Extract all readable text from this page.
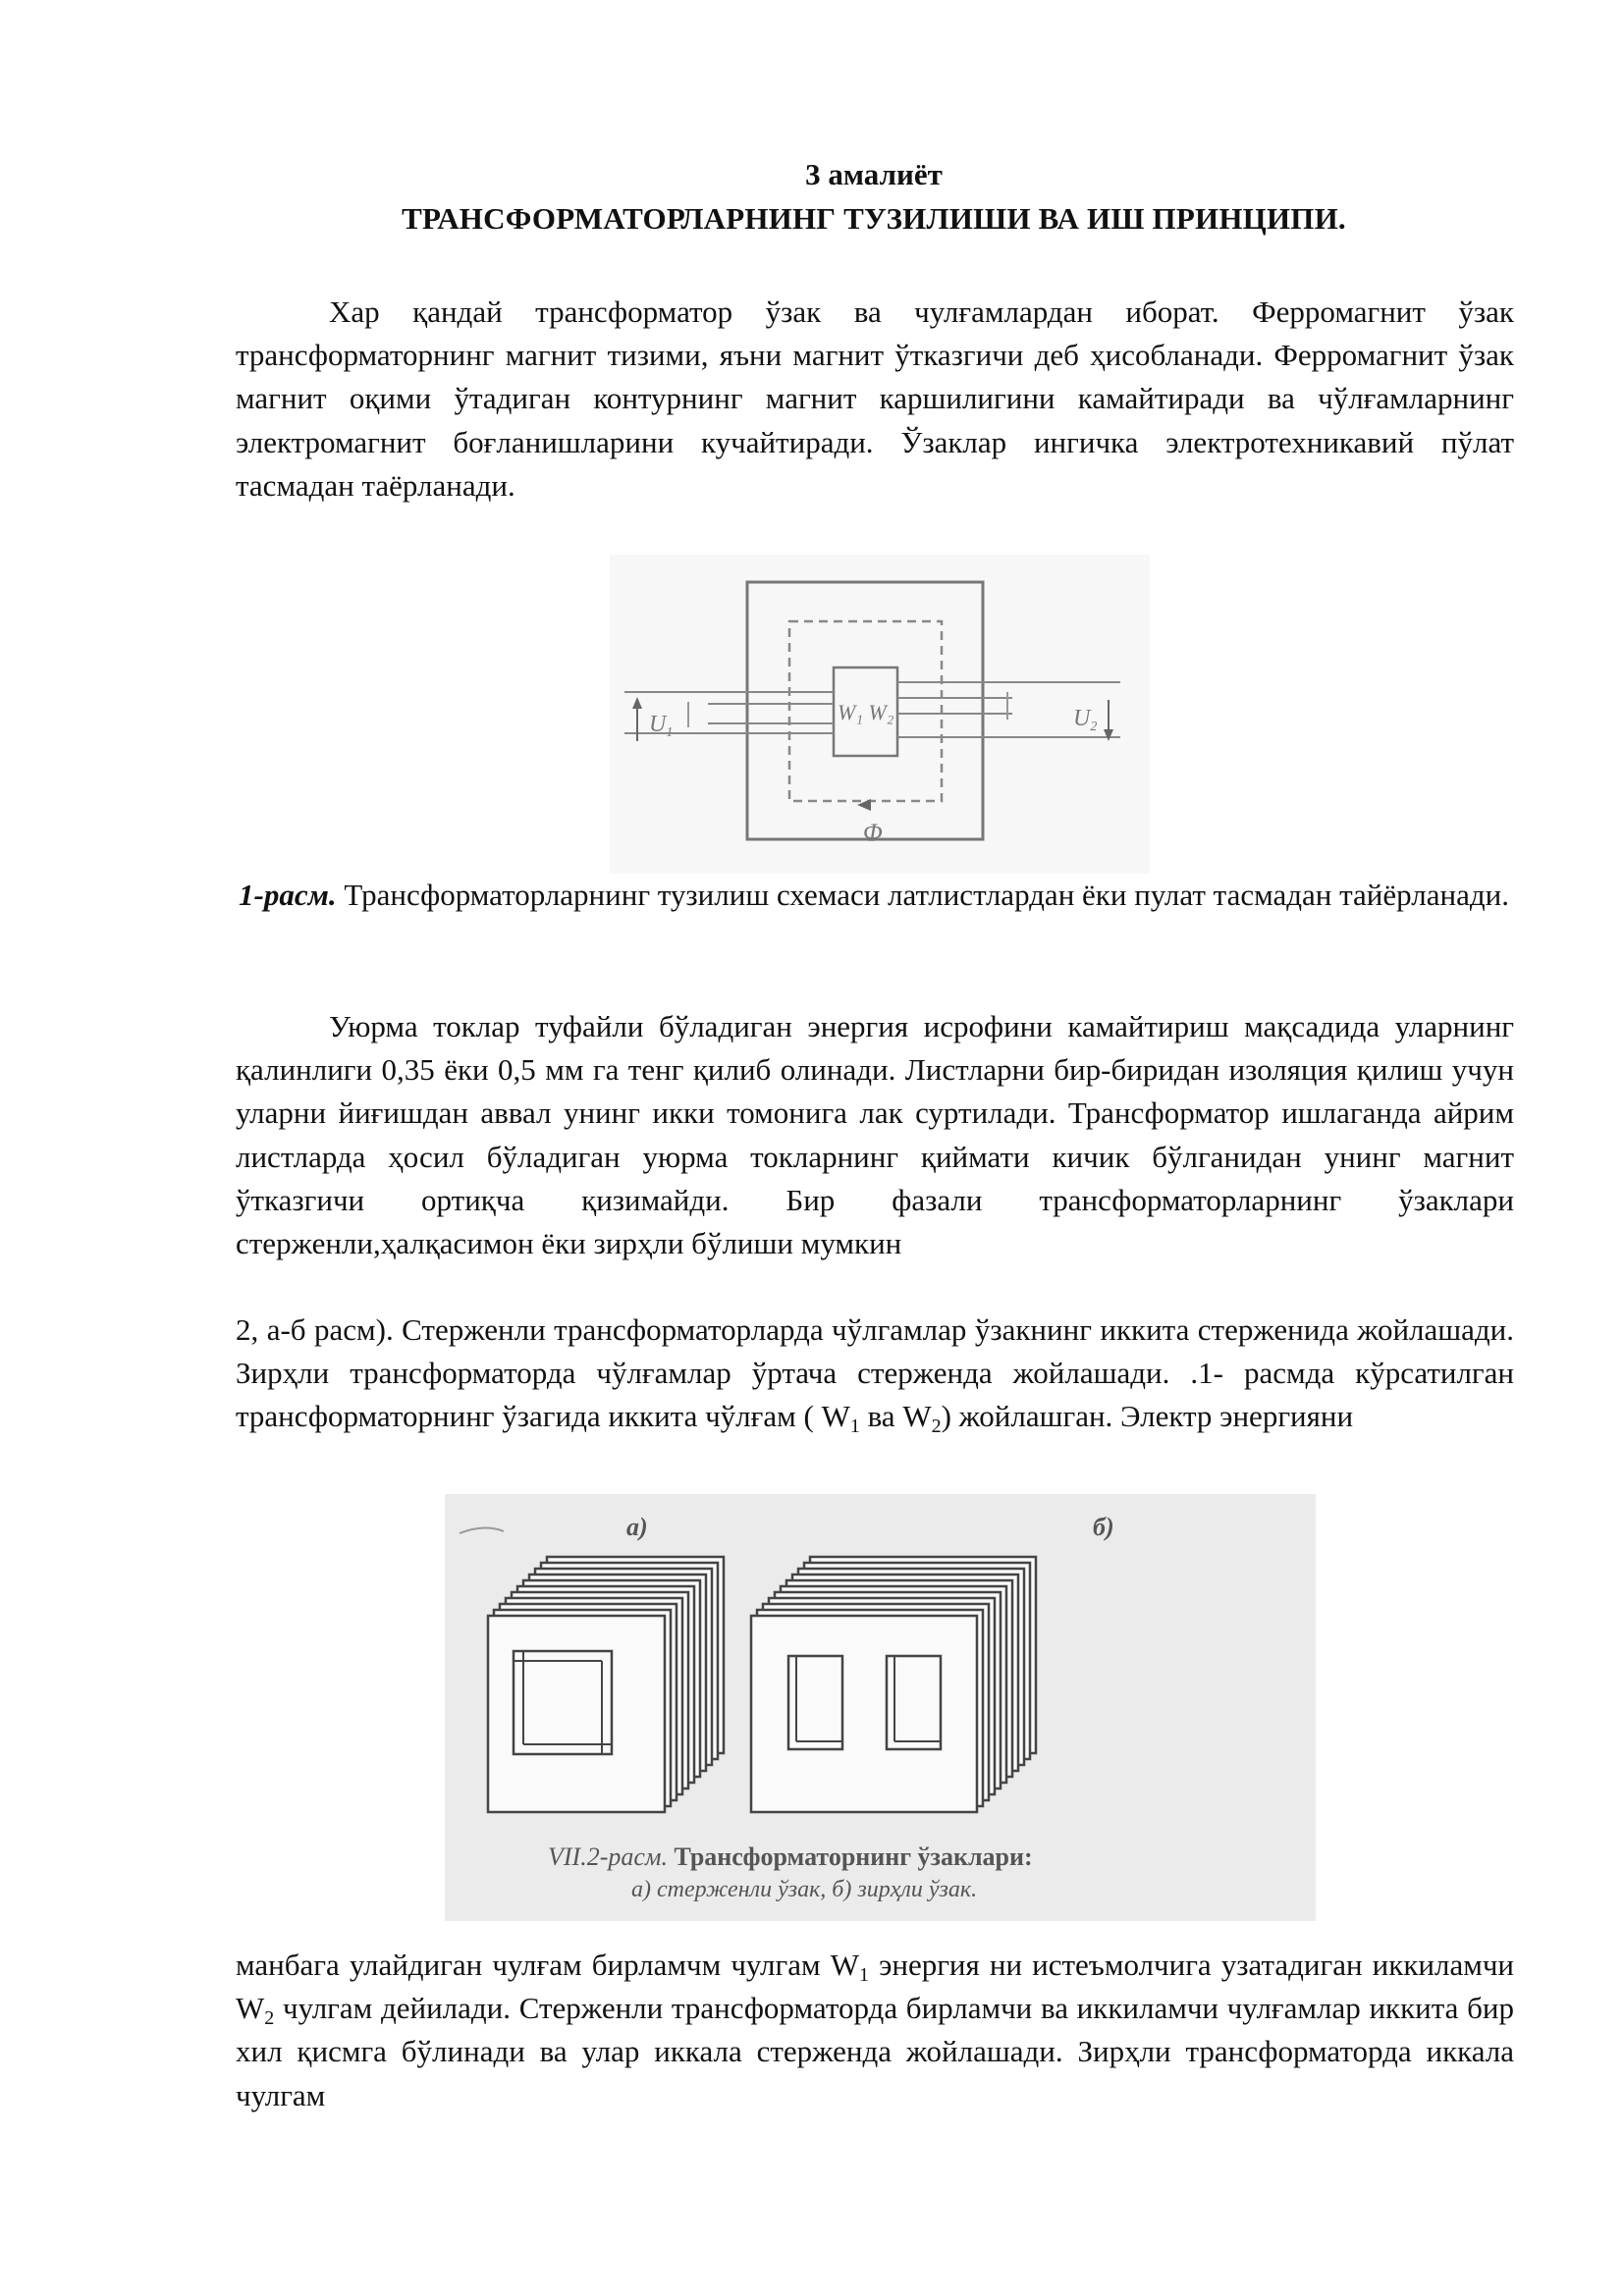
3 амалиёт
ТРАНСФОРМАТОРЛАРНИНГ ТУЗИЛИШИ ВА ИШ ПРИНЦИПИ.

Хар қандай трансформатор ўзак ва чулғамлардан иборат. Ферромагнит ўзак трансформаторнинг магнит тизими, яъни магнит ўтказгичи деб ҳисобланади. Ферромагнит ўзак магнит оқими ўтадиган контурнинг магнит каршилигини камайтиради ва чўлғамларнинг электромагнит боғланишларини кучайтиради. Ўзаклар ингичка электротехникавий пўлат тасмадан таёрланади.

$U_1$
$U_2$
W₁ W₂
Φ
1-расм. Трансформаторларнинг тузилиш схемаси латлистлардан ёки пулат тасмадан тайёрланади.

Уюрма токлар туфайли бўладиган энергия исрофини камайтириш мақсадида уларнинг қалинлиги 0,35 ёки 0,5 мм га тенг қилиб олинади. Листларни бир-биридан изоляция қилиш учун уларни йиғишдан аввал унинг икки томонига лак суртилади. Трансформатор ишлаганда айрим листларда ҳосил бўладиган уюрма токларнинг қиймати кичик бўлганидан унинг магнит ўтказгичи ортиқча қизимайди. Бир фазали трансформаторларнинг ўзаклари стерженли,ҳалқасимон ёки зирҳли бўлиши мумкин

2, а-б расм). Стерженли трансформаторларда чўлгамлар ўзакнинг иккита стерженида жойлашади. Зирҳли трансформаторда чўлғамлар ўртача стерженда жойлашади. .1- расмда кўрсатилган трансформаторнинг ўзагида иккита чўлғам ( $W_1$ ва $W_2$) жойлашган. Электр энергияни

а)	б)
VII.2-расм. Трансформаторнинг ўзаклари:
а) стерженли ўзак, б) зирҳли ўзак.

манбага улайдиган чулғам бирламчм чулгам $W_1$ энергия ни истеъмолчига узатадиган иккиламчи $W_2$ чулгам дейилади. Стерженли трансформаторда бирламчи ва иккиламчи чулғамлар иккита бир хил қисмга бўлинади ва улар иккала стерженда жойлашади. Зирҳли трансформаторда иккала чулгам
